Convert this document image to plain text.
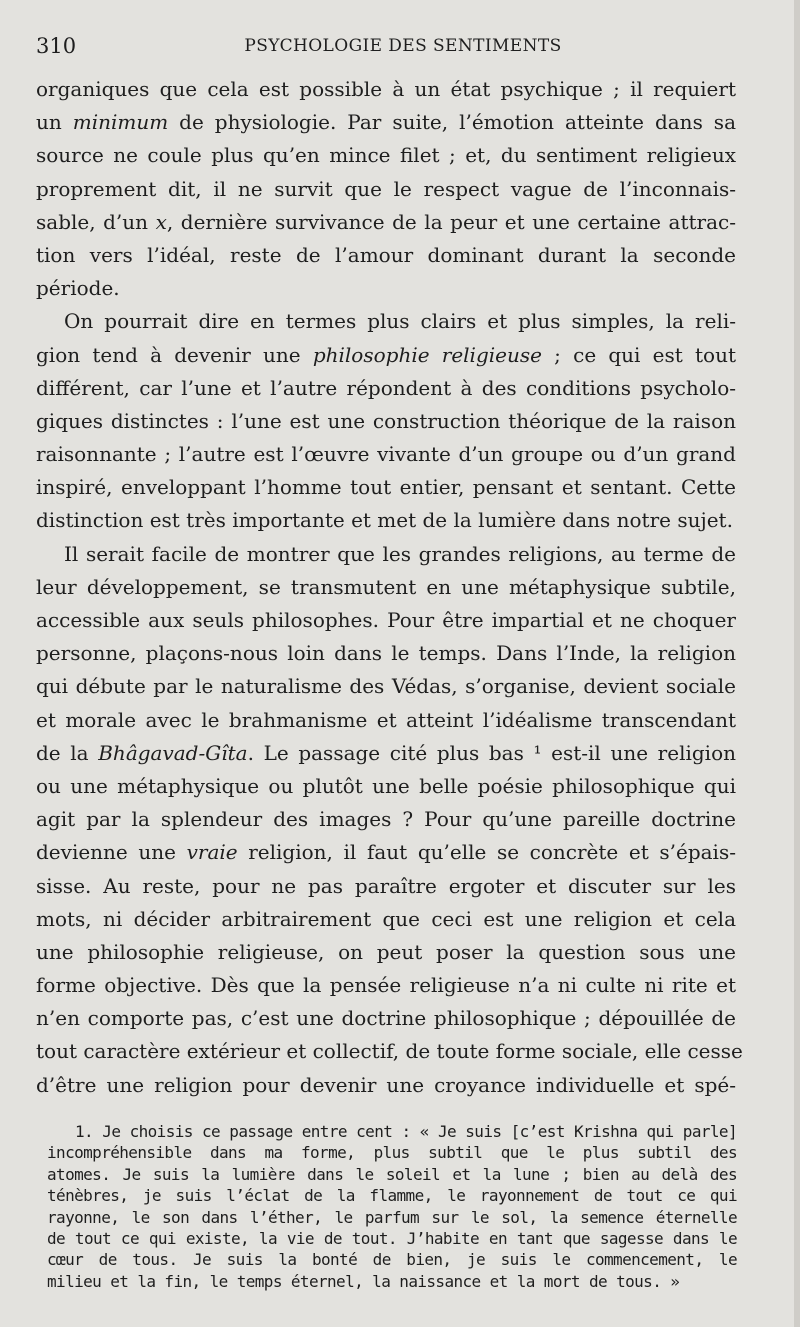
310	PSYCHOLOGIE DES SENTIMENTS
organiques que cela est possible à un état psychique ; il requiert
un minimum de physiologie. Par suite, l’émotion atteinte dans sa
source ne coule plus qu’en mince filet ; et, du sentiment religieux
proprement dit, il ne survit que le respect vague de l’inconnais-
sable, d’un x, dernière survivance de la peur et une certaine attrac-
tion vers l’idéal, reste de l’amour dominant durant la seconde
période.
On pourrait dire en termes plus clairs et plus simples, la reli-
gion tend à devenir une philosophie religieuse ; ce qui est tout
différent, car l’une et l’autre répondent à des conditions psycholo-
giques distinctes : l’une est une construction théorique de la raison
raisonnante ; l’autre est l’œuvre vivante d’un groupe ou d’un grand
inspiré, enveloppant l’homme tout entier, pensant et sentant. Cette
distinction est très importante et met de la lumière dans notre sujet.
Il serait facile de montrer que les grandes religions, au terme de
leur développement, se transmutent en une métaphysique subtile,
accessible aux seuls philosophes. Pour être impartial et ne choquer
personne, plaçons-nous loin dans le temps. Dans l’Inde, la religion
qui débute par le naturalisme des Védas, s’organise, devient sociale
et morale avec le brahmanisme et atteint l’idéalisme transcendant
de la Bhâgavad-Gîta. Le passage cité plus bas ¹ est-il une religion
ou une métaphysique ou plutôt une belle poésie philosophique qui
agit par la splendeur des images ? Pour qu’une pareille doctrine
devienne une vraie religion, il faut qu’elle se concrète et s’épais-
sisse. Au reste, pour ne pas paraître ergoter et discuter sur les
mots, ni décider arbitrairement que ceci est une religion et cela
une philosophie religieuse, on peut poser la question sous une
forme objective. Dès que la pensée religieuse n’a ni culte ni rite et
n’en comporte pas, c’est une doctrine philosophique ; dépouillée de
tout caractère extérieur et collectif, de toute forme sociale, elle cesse
d’être une religion pour devenir une croyance individuelle et spé-
1. Je choisis ce passage entre cent : « Je suis [c’est Krishna qui parle]
incompréhensible dans ma forme, plus subtil que le plus subtil des
atomes. Je suis la lumière dans le soleil et la lune ; bien au delà des
ténèbres, je suis l’éclat de la flamme, le rayonnement de tout ce qui
rayonne, le son dans l’éther, le parfum sur le sol, la semence éternelle
de tout ce qui existe, la vie de tout. J’habite en tant que sagesse dans le
cœur de tous. Je suis la bonté de bien, je suis le commencement, le
milieu et la fin, le temps éternel, la naissance et la mort de tous. »
